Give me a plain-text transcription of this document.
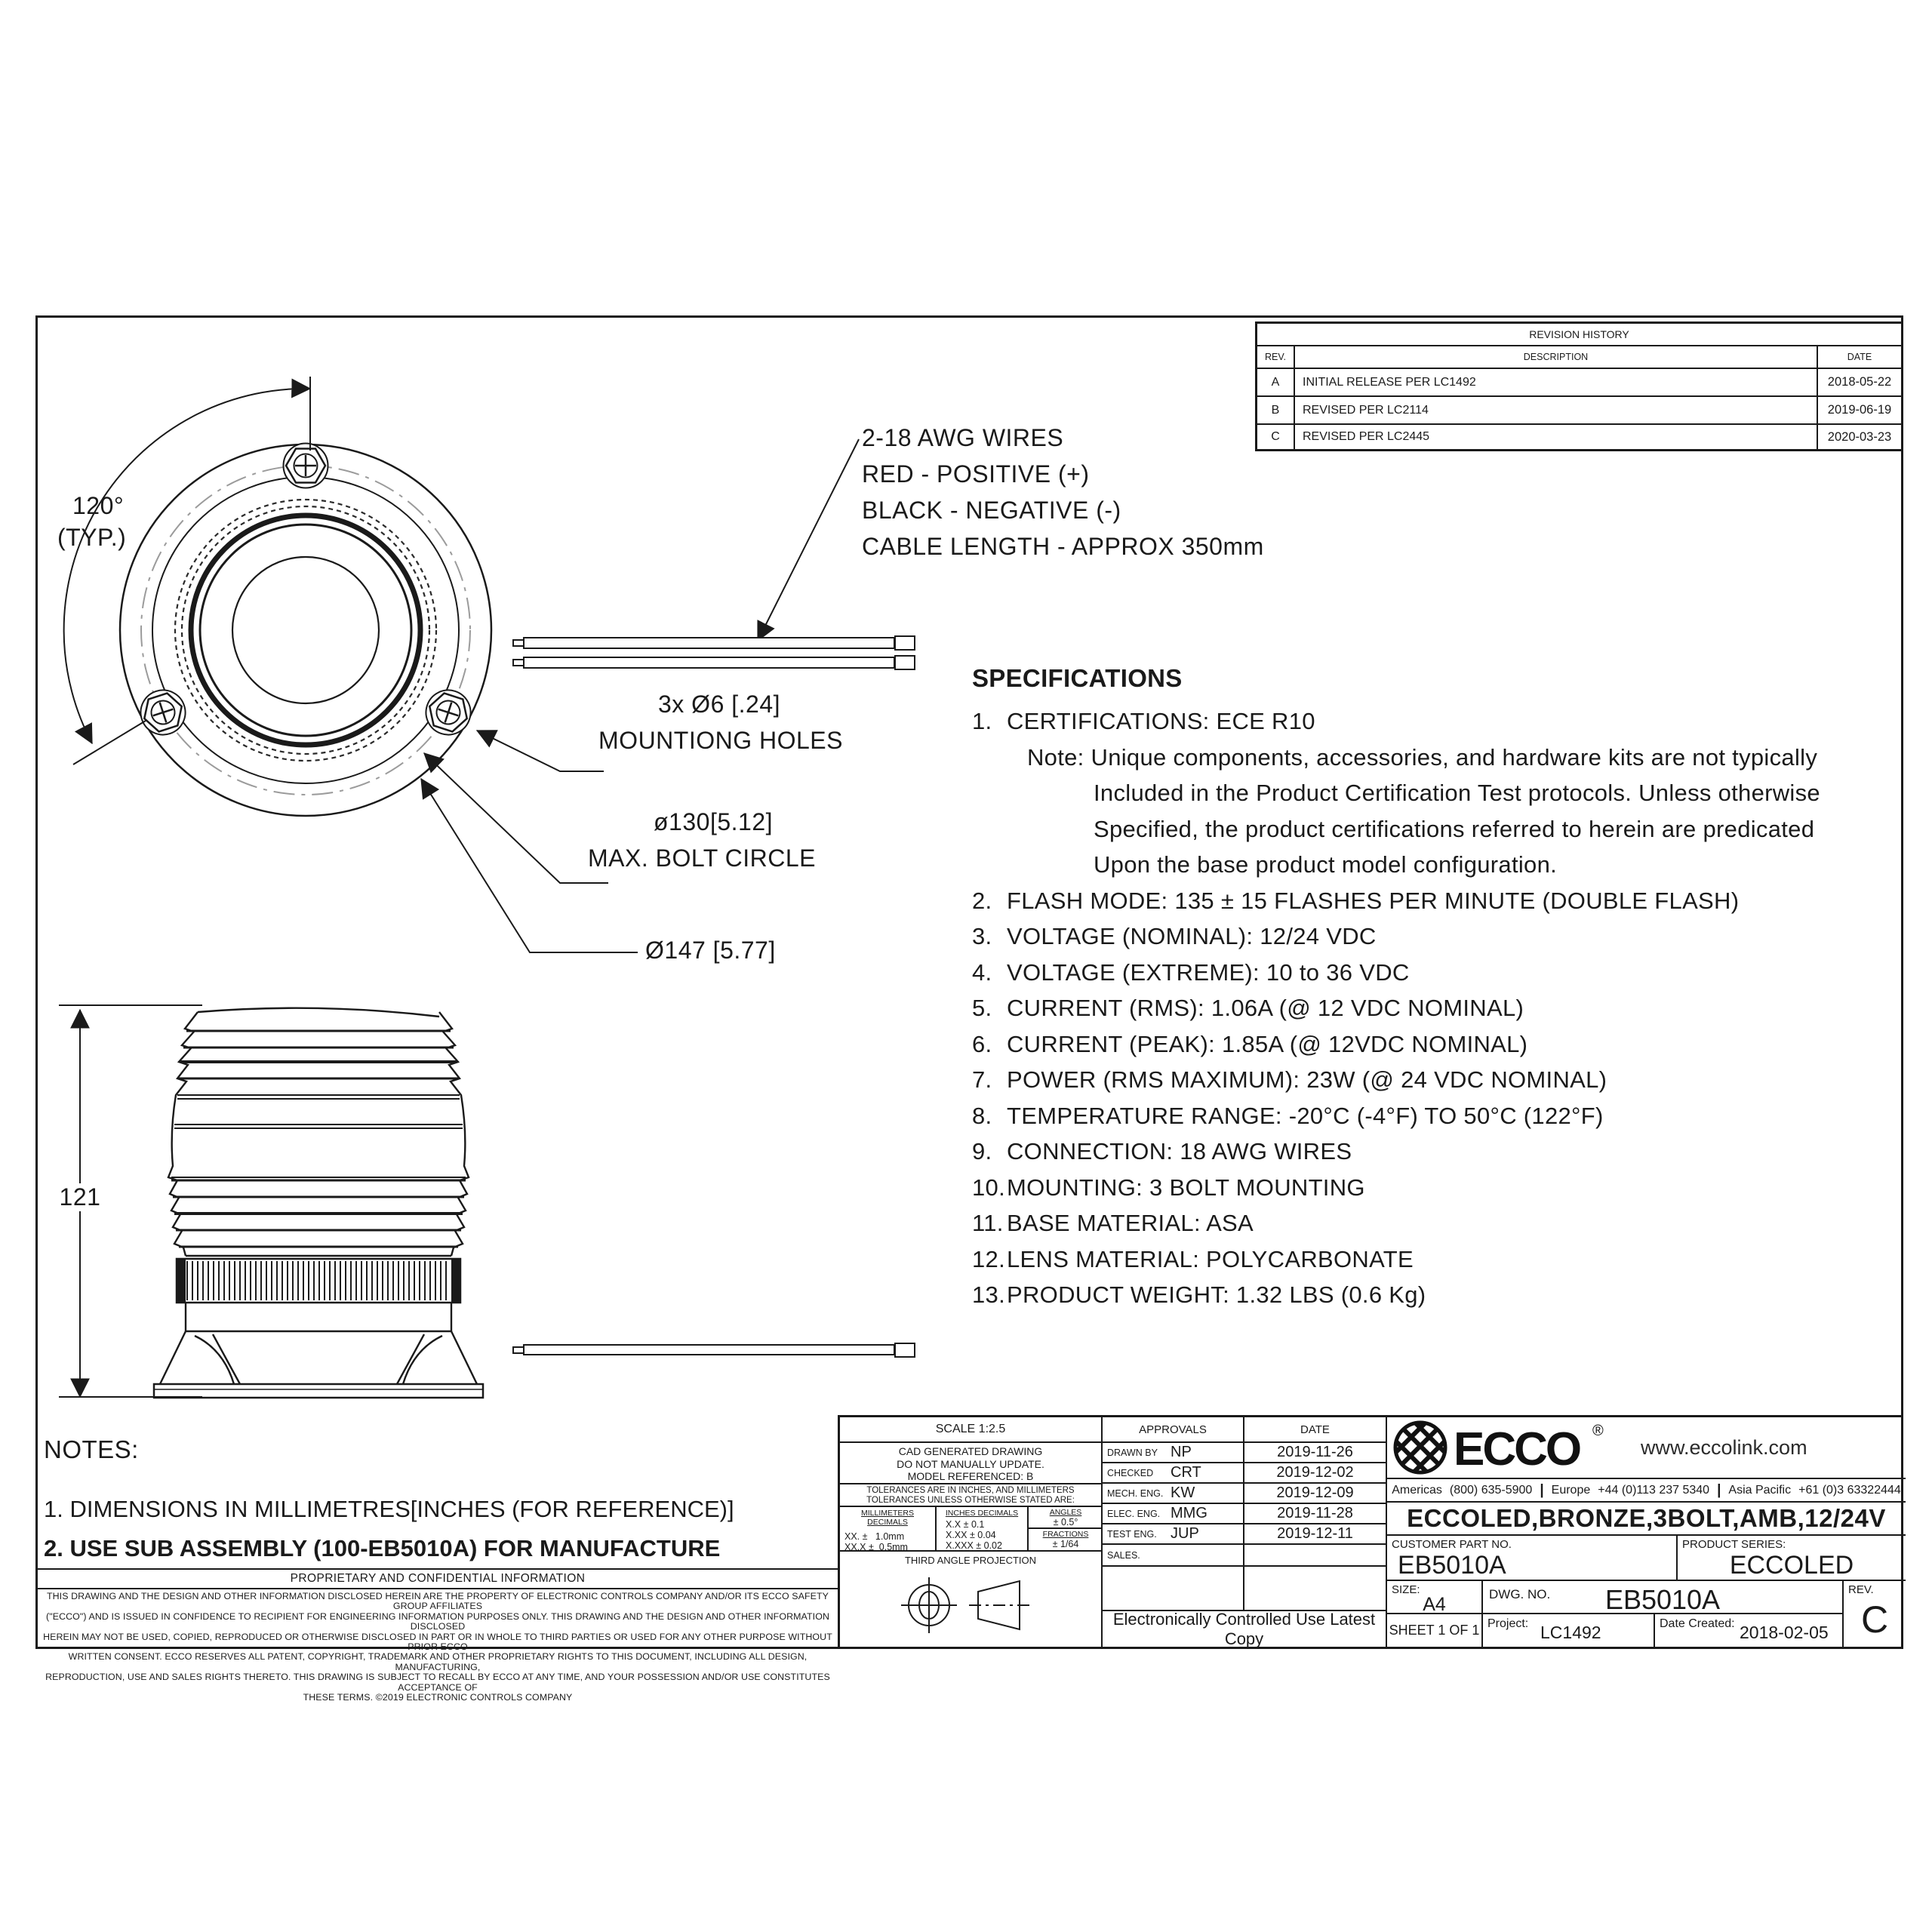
120°
(TYP.)
2-18 AWG WIRES
RED - POSITIVE (+)
BLACK - NEGATIVE (-)
CABLE LENGTH - APPROX 350mm
3x Ø6 [.24]
MOUNTIONG HOLES
ø130[5.12]
MAX. BOLT CIRCLE
Ø147 [5.77]
121
REVISION HISTORY
REV.	DESCRIPTION	DATE
A	INITIAL RELEASE PER LC1492	2018-05-22
B	REVISED PER LC2114	2019-06-19
C	REVISED PER LC2445	2020-03-23
SPECIFICATIONS
1. CERTIFICATIONS: ECE R10
Note: Unique components, accessories, and hardware kits are not typically
Included in the Product Certification Test protocols. Unless otherwise
Specified, the product certifications referred to herein are predicated
Upon the base product model configuration.
2. FLASH MODE: 135 ± 15 FLASHES PER MINUTE (DOUBLE FLASH)
3. VOLTAGE (NOMINAL): 12/24 VDC
4. VOLTAGE (EXTREME): 10 to 36 VDC
5. CURRENT (RMS): 1.06A (@ 12 VDC NOMINAL)
6. CURRENT (PEAK): 1.85A (@ 12VDC NOMINAL)
7. POWER (RMS MAXIMUM): 23W (@ 24 VDC NOMINAL)
8. TEMPERATURE RANGE: -20°C (-4°F) TO 50°C (122°F)
9. CONNECTION: 18 AWG WIRES
10.MOUNTING: 3 BOLT MOUNTING
11. BASE MATERIAL: ASA
12.LENS MATERIAL: POLYCARBONATE
13.PRODUCT WEIGHT: 1.32 LBS (0.6 Kg)
NOTES:
1. DIMENSIONS IN MILLIMETRES[INCHES (FOR REFERENCE)]
2. USE SUB ASSEMBLY (100-EB5010A) FOR MANUFACTURE
PROPRIETARY AND CONFIDENTIAL INFORMATION
THIS DRAWING AND THE DESIGN AND OTHER INFORMATION DISCLOSED HEREIN ARE THE PROPERTY OF ELECTRONIC CONTROLS COMPANY AND/OR ITS ECCO SAFETY GROUP AFFILIATES
("ECCO") AND IS ISSUED IN CONFIDENCE TO RECIPIENT FOR ENGINEERING INFORMATION PURPOSES ONLY. THIS DRAWING AND THE DESIGN AND OTHER INFORMATION DISCLOSED
HEREIN MAY NOT BE USED, COPIED, REPRODUCED OR OTHERWISE DISCLOSED IN PART OR IN WHOLE TO THIRD PARTIES OR USED FOR ANY OTHER PURPOSE WITHOUT PRIOR ECCO
WRITTEN CONSENT. ECCO RESERVES ALL PATENT, COPYRIGHT, TRADEMARK AND OTHER PROPRIETARY RIGHTS TO THIS DOCUMENT, INCLUDING ALL DESIGN, MANUFACTURING,
REPRODUCTION, USE AND SALES RIGHTS THERETO. THIS DRAWING IS SUBJECT TO RECALL BY ECCO AT ANY TIME, AND YOUR POSSESSION AND/OR USE CONSTITUTES ACCEPTANCE OF
THESE TERMS. ©2019 ELECTRONIC CONTROLS COMPANY
SCALE 1:2.5
CAD GENERATED DRAWING
DO NOT MANUALLY UPDATE.
MODEL REFERENCED: B
TOLERANCES ARE IN INCHES, AND MILLIMETERS
TOLERANCES UNLESS OTHERWISE STATED ARE:
MILLIMETERS DECIMALS
XX. ±   1.0mm
XX.X ±  0.5mm
INCHES DECIMALS
X.X ± 0.1
X.XX ± 0.04
X.XXX ± 0.02
ANGLES
± 0.5°
FRACTIONS
± 1/64
THIRD ANGLE PROJECTION
APPROVALS	DATE
DRAWN BY NP	2019-11-26
CHECKED	CRT	2019-12-02
MECH. ENG. KW	2019-12-09
ELEC. ENG. MMG	2019-11-28
TEST ENG. JUP	2019-12-11
SALES.
Electronically Controlled Use Latest Copy
ECCO ®
www.eccolink.com
Americas (800) 635-5900 | Europe +44 (0)113 237 5340 | Asia Pacific +61 (0)3 63322444
ECCOLED,BRONZE,3BOLT,AMB,12/24V
CUSTOMER PART NO.
EB5010A
PRODUCT SERIES:
ECCOLED
SIZE:
A4	DWG. NO.	EB5010A	REV.
C
SHEET 1 OF 1 Project: LC1492	Date Created: 2018-02-05
